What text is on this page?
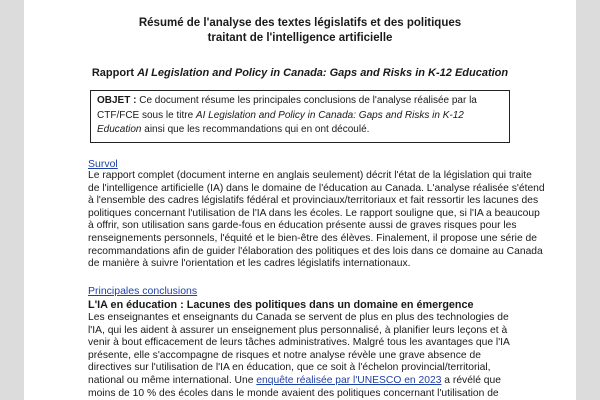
Résumé de l'analyse des textes législatifs et des politiques
traitant de l'intelligence artificielle
Rapport AI Legislation and Policy in Canada: Gaps and Risks in K-12 Education
OBJET : Ce document résume les principales conclusions de l'analyse réalisée par la
CTF/FCE sous le titre AI Legislation and Policy in Canada: Gaps and Risks in K-12
Education ainsi que les recommandations qui en ont découlé.
Survol
Le rapport complet (document interne en anglais seulement) décrit l'état de la législation qui traite
de l'intelligence artificielle (IA) dans le domaine de l'éducation au Canada. L'analyse réalisée s'étend
à l'ensemble des cadres législatifs fédéral et provinciaux/territoriaux et fait ressortir les lacunes des
politiques concernant l'utilisation de l'IA dans les écoles. Le rapport souligne que, si l'IA a beaucoup
à offrir, son utilisation sans garde-fous en éducation présente aussi de graves risques pour les
renseignements personnels, l'équité et le bien-être des élèves. Finalement, il propose une série de
recommandations afin de guider l'élaboration des politiques et des lois dans ce domaine au Canada
de manière à suivre l'orientation et les cadres législatifs internationaux.
Principales conclusions
L'IA en éducation : Lacunes des politiques dans un domaine en émergence
Les enseignantes et enseignants du Canada se servent de plus en plus des technologies de
l'IA, qui les aident à assurer un enseignement plus personnalisé, à planifier leurs leçons et à
venir à bout efficacement de leurs tâches administratives. Malgré tous les avantages que l'IA
présente, elle s'accompagne de risques et notre analyse révèle une grave absence de
directives sur l'utilisation de l'IA en éducation, que ce soit à l'échelon provincial/territorial,
national ou même international. Une enquête réalisée par l'UNESCO en 2023 a révélé que
moins de 10 % des écoles dans le monde avaient des politiques concernant l'utilisation de
